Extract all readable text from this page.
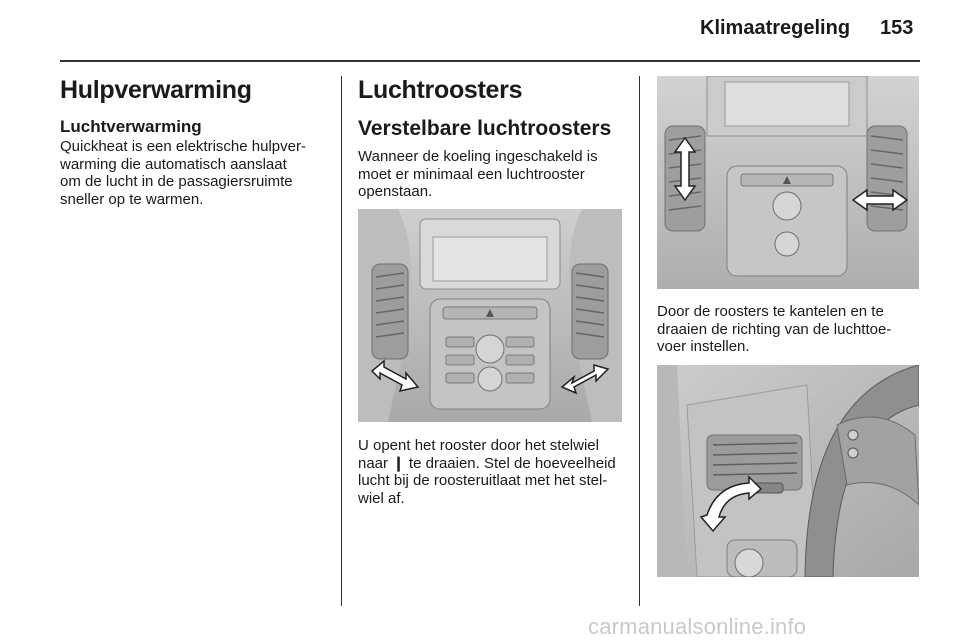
Klimaatregeling 153
Hulpverwarming
Luchtverwarming
Quickheat is een elektrische hulpver-
warming die automatisch aanslaat
om de lucht in de passagiersruimte
sneller op te warmen.
Luchtroosters
Verstelbare luchtroosters
Wanneer de koeling ingeschakeld is
moet er minimaal een luchtrooster
openstaan.
U opent het rooster door het stelwiel
naar ❙ te draaien. Stel de hoeveelheid
lucht bij de roosteruitlaat met het stel-
wiel af.
Door de roosters te kantelen en te
draaien de richting van de luchttoe-
voer instellen.
carmanualsonline.info
